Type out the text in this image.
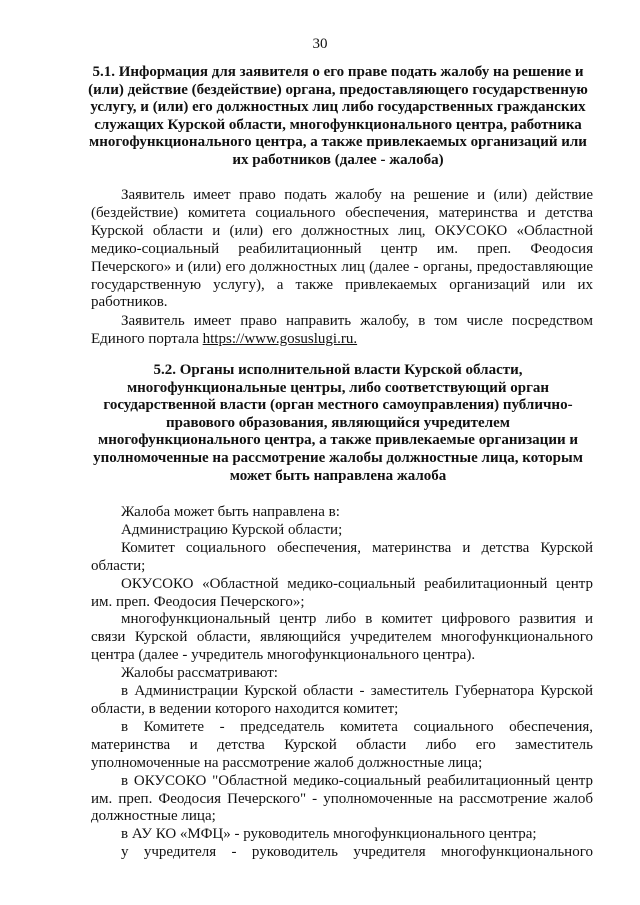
30
5.1. Информация для заявителя о его праве подать жалобу на решение и
(или) действие (бездействие) органа, предоставляющего государственную
услугу, и (или) его должностных лиц либо государственных гражданских
служащих Курской области, многофункционального центра, работника
многофункционального центра, а также привлекаемых организаций или
их работников (далее - жалоба)
Заявитель имеет право подать жалобу на решение и (или) действие
(бездействие) комитета социального обеспечения, материнства и детства
Курской области и (или) его должностных лиц, ОКУСОКО «Областной
медико-социальный реабилитационный центр им. преп. Феодосия
Печерского» и (или) его должностных лиц (далее - органы, предоставляющие
государственную услугу), а также привлекаемых организаций или их
работников.
Заявитель имеет право направить жалобу, в том числе посредством
Единого портала https://www.gosuslugi.ru.
5.2. Органы исполнительной власти Курской области,
многофункциональные центры, либо соответствующий орган
государственной власти (орган местного самоуправления) публично-
правового образования, являющийся учредителем
многофункционального центра, а также привлекаемые организации и
уполномоченные на рассмотрение жалобы должностные лица, которым
может быть направлена жалоба
Жалоба может быть направлена в:
Администрацию Курской области;
Комитет социального обеспечения, материнства и детства Курской
области;
ОКУСОКО «Областной медико-социальный реабилитационный центр
им. преп. Феодосия Печерского»;
многофункциональный центр либо в комитет цифрового развития и
связи Курской области, являющийся учредителем многофункционального
центра (далее - учредитель многофункционального центра).
Жалобы рассматривают:
в Администрации Курской области - заместитель Губернатора Курской
области, в ведении которого находится комитет;
в Комитете - председатель комитета социального обеспечения,
материнства и детства Курской области либо его заместитель
уполномоченные на рассмотрение жалоб должностные лица;
в ОКУСОКО "Областной медико-социальный реабилитационный центр
им. преп. Феодосия Печерского" - уполномоченные на рассмотрение жалоб
должностные лица;
в АУ КО «МФЦ» - руководитель многофункционального центра;
у учредителя - руководитель учредителя многофункционального
